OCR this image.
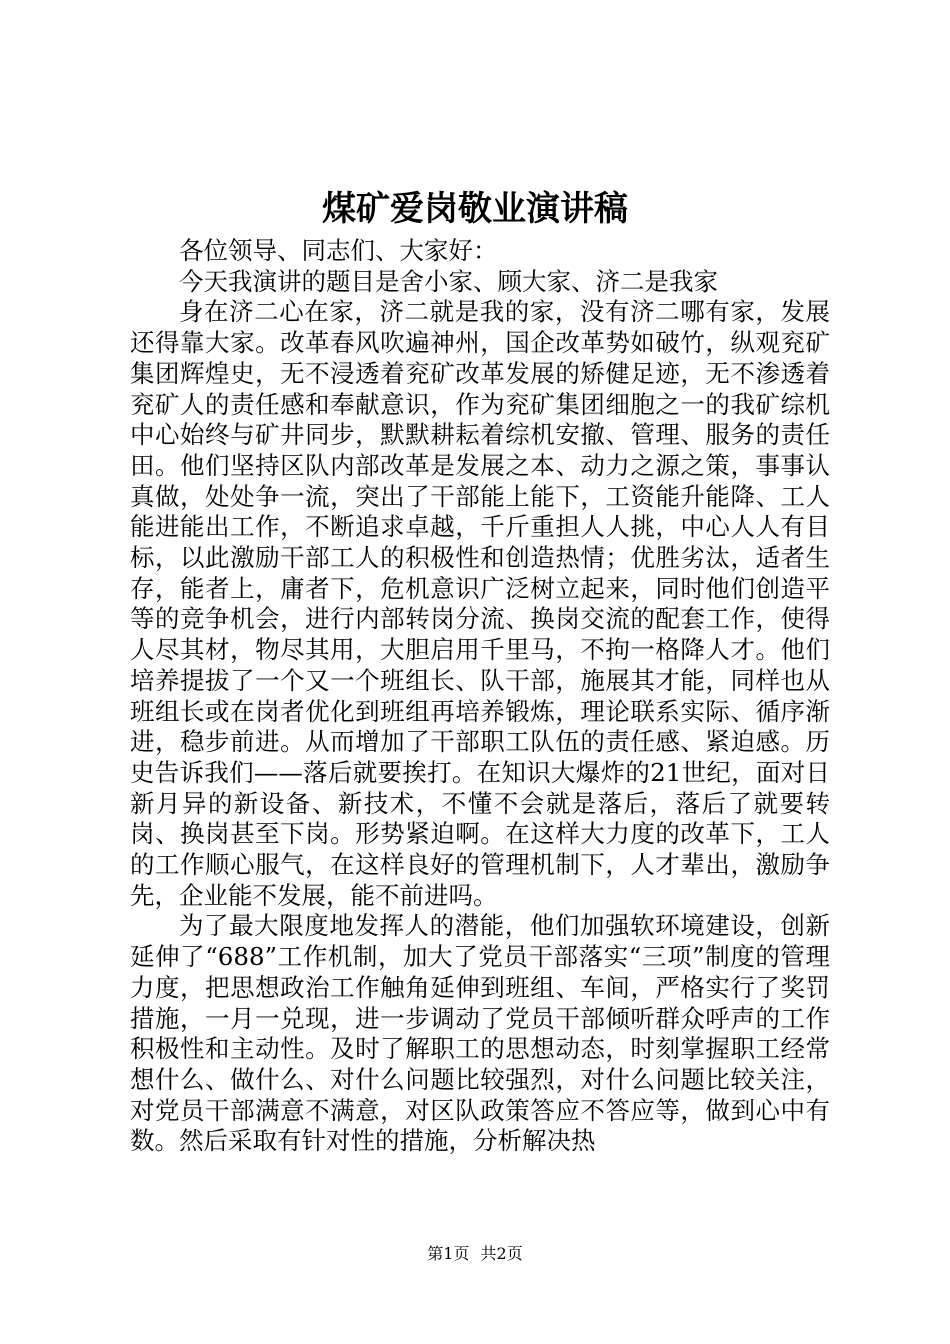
煤矿爱岗敬业演讲稿

各位领导、同志们、大家好：

今天我演讲的题目是舍小家、顾大家、济二是我家

身在济二心在家，济二就是我的家，没有济二哪有家，发展还得靠大家。改革春风吹遍神州，国企改革势如破竹，纵观兖矿集团辉煌史，无不浸透着兖矿改革发展的矫健足迹，无不渗透着兖矿人的责任感和奉献意识，作为兖矿集团细胞之一的我矿综机中心始终与矿井同步，默默耕耘着综机安撤、管理、服务的责任田。他们坚持区队内部改革是发展之本、动力之源之策，事事认真做，处处争一流，突出了干部能上能下，工资能升能降、工人能进能出工作，不断追求卓越，千斤重担人人挑，中心人人有目标，以此激励干部工人的积极性和创造热情；优胜劣汰，适者生存，能者上，庸者下，危机意识广泛树立起来，同时他们创造平等的竞争机会，进行内部转岗分流、换岗交流的配套工作，使得人尽其材，物尽其用，大胆启用千里马，不拘一格降人才。他们培养提拔了一个又一个班组长、队干部，施展其才能，同样也从班组长或在岗者优化到班组再培养锻炼，理论联系实际、循序渐进，稳步前进。从而增加了干部职工队伍的责任感、紧迫感。历史告诉我们——落后就要挨打。在知识大爆炸的21世纪，面对日新月异的新设备、新技术，不懂不会就是落后，落后了就要转岗、换岗甚至下岗。形势紧迫啊。在这样大力度的改革下，工人的工作顺心服气，在这样良好的管理机制下，人才辈出，激励争先，企业能不发展，能不前进吗。

为了最大限度地发挥人的潜能，他们加强软环境建设，创新延伸了“688”工作机制，加大了党员干部落实“三项”制度的管理力度，把思想政治工作触角延伸到班组、车间，严格实行了奖罚措施，一月一兑现，进一步调动了党员干部倾听群众呼声的工作积极性和主动性。及时了解职工的思想动态，时刻掌握职工经常想什么、做什么、对什么问题比较强烈，对什么问题比较关注，对党员干部满意不满意，对区队政策答应不答应等，做到心中有数。然后采取有针对性的措施，分析解决热

第1页 共2页
